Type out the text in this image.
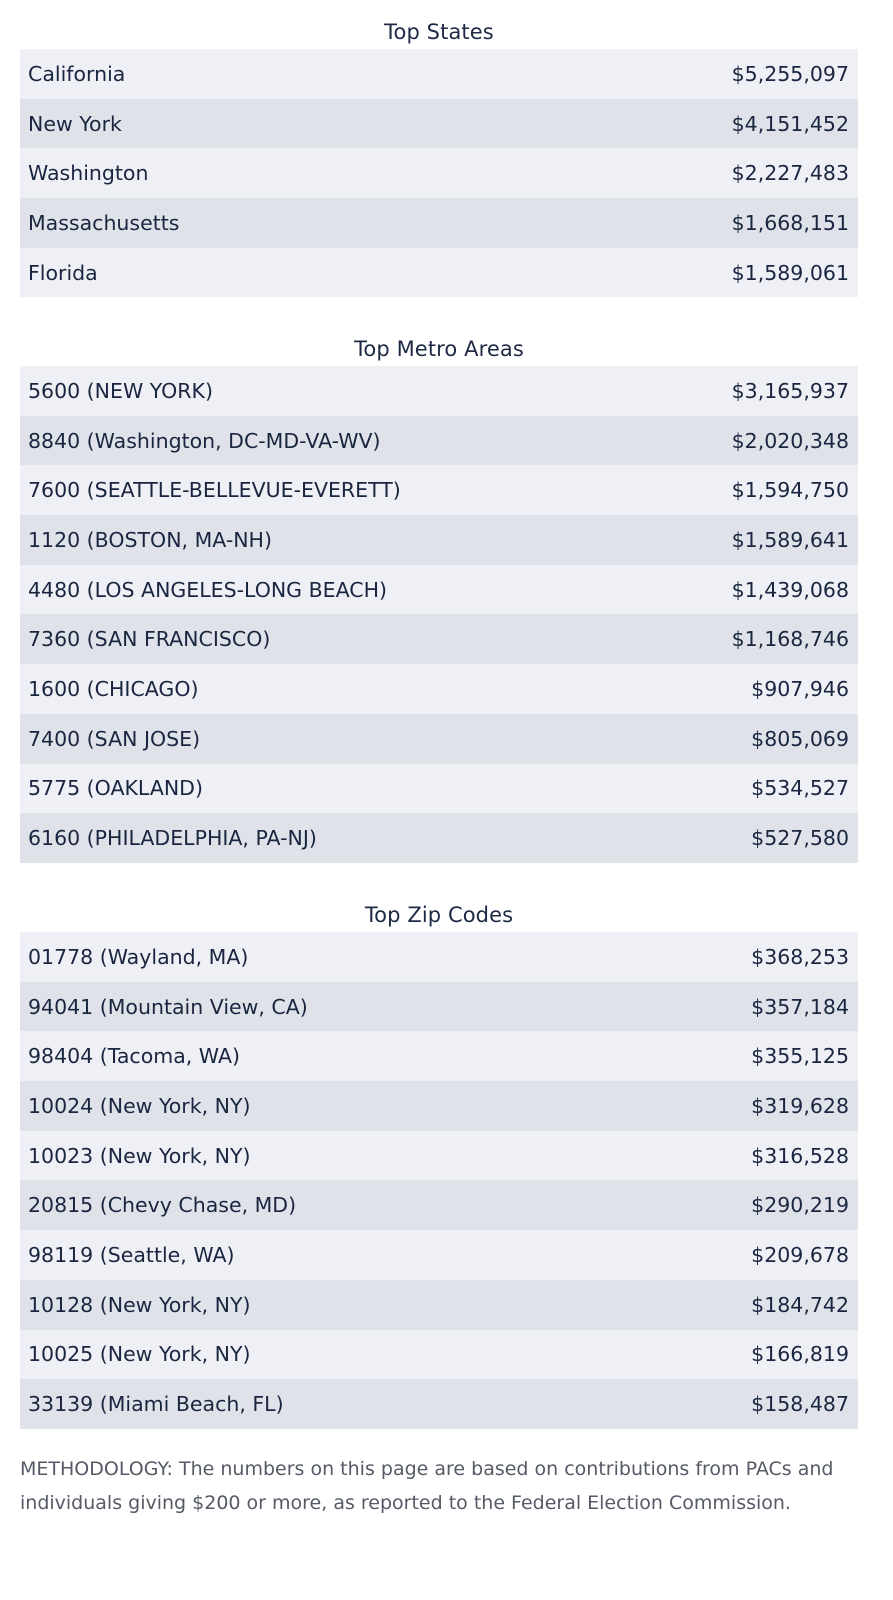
Top States
California	$5,255,097
New York	$4,151,452
Washington	$2,227,483
Massachusetts	$1,668,151
Florida	$1,589,061
Top Metro Areas
5600 (NEW YORK)	$3,165,937
8840 (Washington, DC-MD-VA-WV)	$2,020,348
7600 (SEATTLE-BELLEVUE-EVERETT)	$1,594,750
1120 (BOSTON, MA-NH)	$1,589,641
4480 (LOS ANGELES-LONG BEACH)	$1,439,068
7360 (SAN FRANCISCO)	$1,168,746
1600 (CHICAGO)	$907,946
7400 (SAN JOSE)	$805,069
5775 (OAKLAND)	$534,527
6160 (PHILADELPHIA, PA-NJ)	$527,580
Top Zip Codes
01778 (Wayland, MA)	$368,253
94041 (Mountain View, CA)	$357,184
98404 (Tacoma, WA)	$355,125
10024 (New York, NY)	$319,628
10023 (New York, NY)	$316,528
20815 (Chevy Chase, MD)	$290,219
98119 (Seattle, WA)	$209,678
10128 (New York, NY)	$184,742
10025 (New York, NY)	$166,819
33139 (Miami Beach, FL)	$158,487
METHODOLOGY: The numbers on this page are based on contributions from PACs and individuals giving $200 or more, as reported to the Federal Election Commission.
